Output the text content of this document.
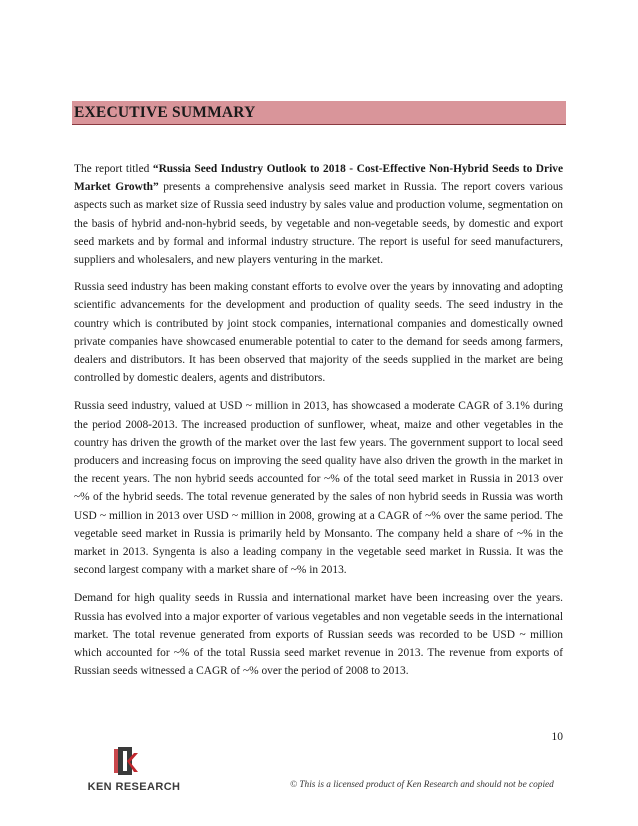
EXECUTIVE SUMMARY

The report titled “Russia Seed Industry Outlook to 2018 - Cost-Effective Non-Hybrid Seeds to Drive Market Growth” presents a comprehensive analysis seed market in Russia. The report covers various aspects such as market size of Russia seed industry by sales value and production volume, segmentation on the basis of hybrid and-non-hybrid seeds, by vegetable and non-vegetable seeds, by domestic and export seed markets and by formal and informal industry structure. The report is useful for seed manufacturers, suppliers and wholesalers, and new players venturing in the market.

Russia seed industry has been making constant efforts to evolve over the years by innovating and adopting scientific advancements for the development and production of quality seeds. The seed industry in the country which is contributed by joint stock companies, international companies and domestically owned private companies have showcased enumerable potential to cater to the demand for seeds among farmers, dealers and distributors. It has been observed that majority of the seeds supplied in the market are being controlled by domestic dealers, agents and distributors.

Russia seed industry, valued at USD ~ million in 2013, has showcased a moderate CAGR of 3.1% during the period 2008-2013. The increased production of sunflower, wheat, maize and other vegetables in the country has driven the growth of the market over the last few years. The government support to local seed producers and increasing focus on improving the seed quality have also driven the growth in the market in the recent years. The non hybrid seeds accounted for ~% of the total seed market in Russia in 2013 over ~% of the hybrid seeds. The total revenue generated by the sales of non hybrid seeds in Russia was worth USD ~ million in 2013 over USD ~ million in 2008, growing at a CAGR of ~% over the same period. The vegetable seed market in Russia is primarily held by Monsanto. The company held a share of ~% in the market in 2013. Syngenta is also a leading company in the vegetable seed market in Russia. It was the second largest company with a market share of ~% in 2013.

Demand for high quality seeds in Russia and international market have been increasing over the years. Russia has evolved into a major exporter of various vegetables and non vegetable seeds in the international market. The total revenue generated from exports of Russian seeds was recorded to be USD ~ million which accounted for ~% of the total Russia seed market revenue in 2013. The revenue from exports of Russian seeds witnessed a CAGR of ~% over the period of 2008 to 2013.

10
KEN RESEARCH	© This is a licensed product of Ken Research and should not be copied
